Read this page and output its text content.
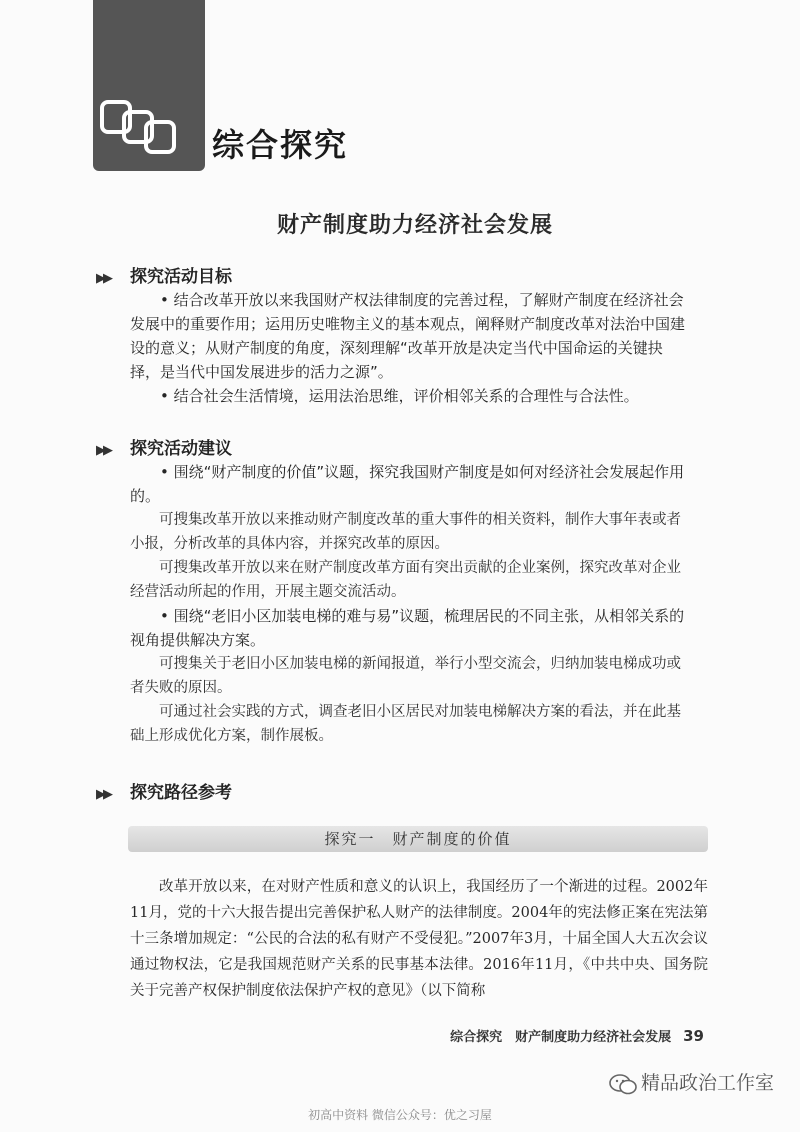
综合探究
财产制度助力经济社会发展
▶▶ 探究活动目标
• 结合改革开放以来我国财产权法律制度的完善过程，了解财产制度在经济社会发展中的重要作用；运用历史唯物主义的基本观点，阐释财产制度改革对法治中国建设的意义；从财产制度的角度，深刻理解“改革开放是决定当代中国命运的关键抉择，是当代中国发展进步的活力之源”。
• 结合社会生活情境，运用法治思维，评价相邻关系的合理性与合法性。
▶▶ 探究活动建议
• 围绕“财产制度的价值”议题，探究我国财产制度是如何对经济社会发展起作用的。
可搜集改革开放以来推动财产制度改革的重大事件的相关资料，制作大事年表或者小报，分析改革的具体内容，并探究改革的原因。
可搜集改革开放以来在财产制度改革方面有突出贡献的企业案例，探究改革对企业经营活动所起的作用，开展主题交流活动。
• 围绕“老旧小区加装电梯的难与易”议题，梳理居民的不同主张，从相邻关系的视角提供解决方案。
可搜集关于老旧小区加装电梯的新闻报道，举行小型交流会，归纳加装电梯成功或者失败的原因。
可通过社会实践的方式，调查老旧小区居民对加装电梯解决方案的看法，并在此基础上形成优化方案，制作展板。
▶▶ 探究路径参考
探究一　财产制度的价值
改革开放以来，在对财产性质和意义的认识上，我国经历了一个渐进的过程。2002年11月，党的十六大报告提出完善保护私人财产的法律制度。2004年的宪法修正案在宪法第十三条增加规定：“公民的合法的私有财产不受侵犯。”2007年3月，十届全国人大五次会议通过物权法，它是我国规范财产关系的民事基本法律。2016年11月，《中共中央、国务院关于完善产权保护制度依法保护产权的意见》（以下简称
综合探究　财产制度助力经济社会发展 39
精品政治工作室
初高中资料 微信公众号：优之习屋
